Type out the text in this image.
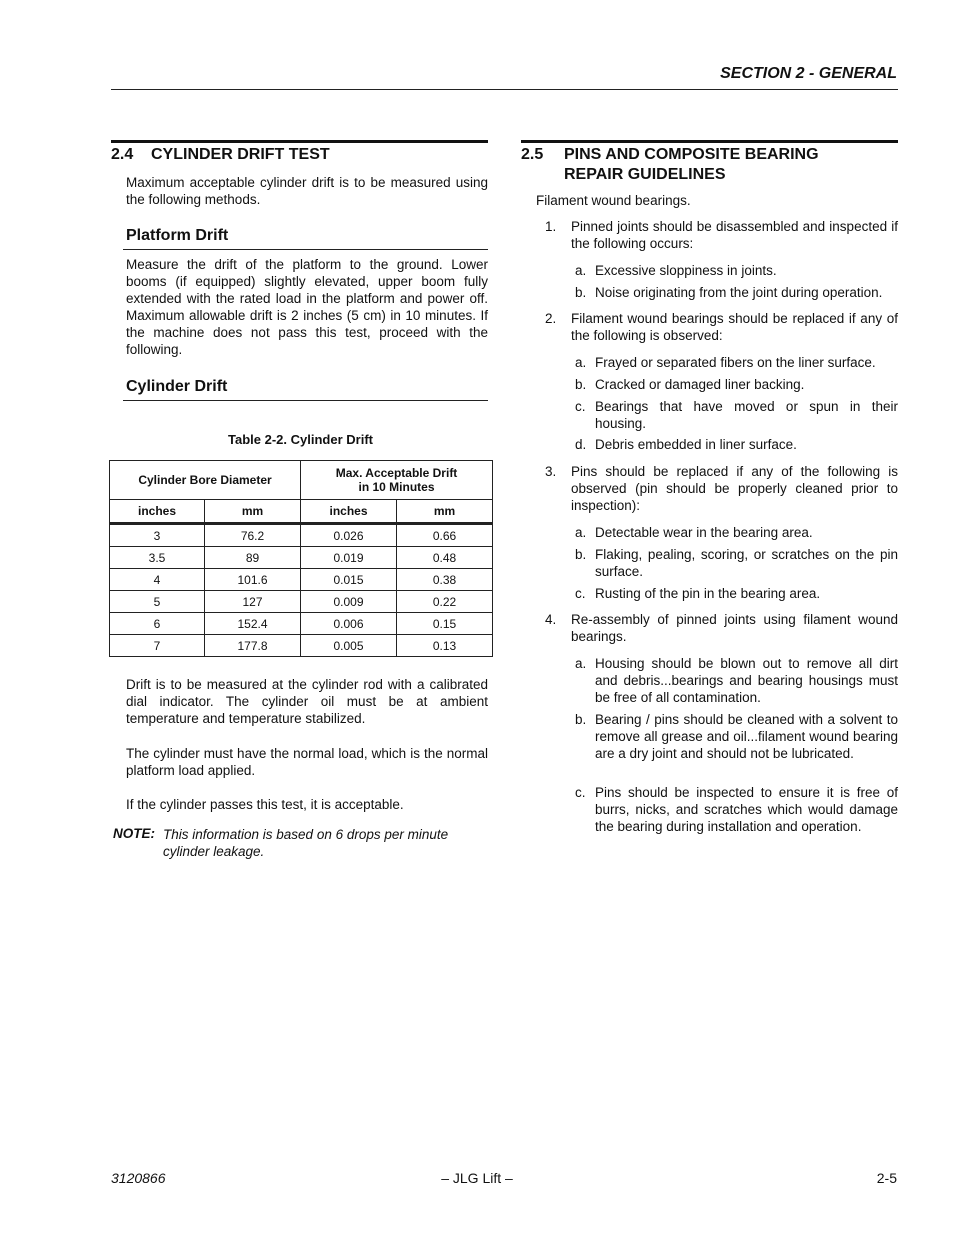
SECTION 2 - GENERAL
2.4 CYLINDER DRIFT TEST
Maximum acceptable cylinder drift is to be measured using the following methods.
Platform Drift
Measure the drift of the platform to the ground. Lower booms (if equipped) slightly elevated, upper boom fully extended with the rated load in the platform and power off. Maximum allowable drift is 2 inches (5 cm) in 10 minutes. If the machine does not pass this test, proceed with the following.
Cylinder Drift
Table 2-2. Cylinder Drift
Cylinder Bore Diameter		Max. Acceptable Drift
in 10 Minutes	

inches	mm	inches	mm
3	76.2	0.026	0.66
3.5	89	0.019	0.48
4	101.6	0.015	0.38
5	127	0.009	0.22
6	152.4	0.006	0.15
7	177.8	0.005	0.13
Drift is to be measured at the cylinder rod with a calibrated dial indicator. The cylinder oil must be at ambient temperature and temperature stabilized.
The cylinder must have the normal load, which is the normal platform load applied.
If the cylinder passes this test, it is acceptable.
NOTE: This information is based on 6 drops per minute cylinder leakage.
2.5 PINS AND COMPOSITE BEARING
REPAIR GUIDELINES
Filament wound bearings.
1. Pinned joints should be disassembled and inspected if the following occurs:
a. Excessive sloppiness in joints.
b. Noise originating from the joint during operation.
2. Filament wound bearings should be replaced if any of the following is observed:
a. Frayed or separated fibers on the liner surface.
b. Cracked or damaged liner backing.
c. Bearings that have moved or spun in their housing.
d. Debris embedded in liner surface.
3. Pins should be replaced if any of the following is observed (pin should be properly cleaned prior to inspection):
a. Detectable wear in the bearing area.
b. Flaking, pealing, scoring, or scratches on the pin surface.
c. Rusting of the pin in the bearing area.
4. Re-assembly of pinned joints using filament wound bearings.
a. Housing should be blown out to remove all dirt and debris...bearings and bearing housings must be free of all contamination.
b. Bearing / pins should be cleaned with a solvent to remove all grease and oil...filament wound bearing are a dry joint and should not be lubricated.
c. Pins should be inspected to ensure it is free of burrs, nicks, and scratches which would damage the bearing during installation and operation.
3120866	– JLG Lift –	2-5
